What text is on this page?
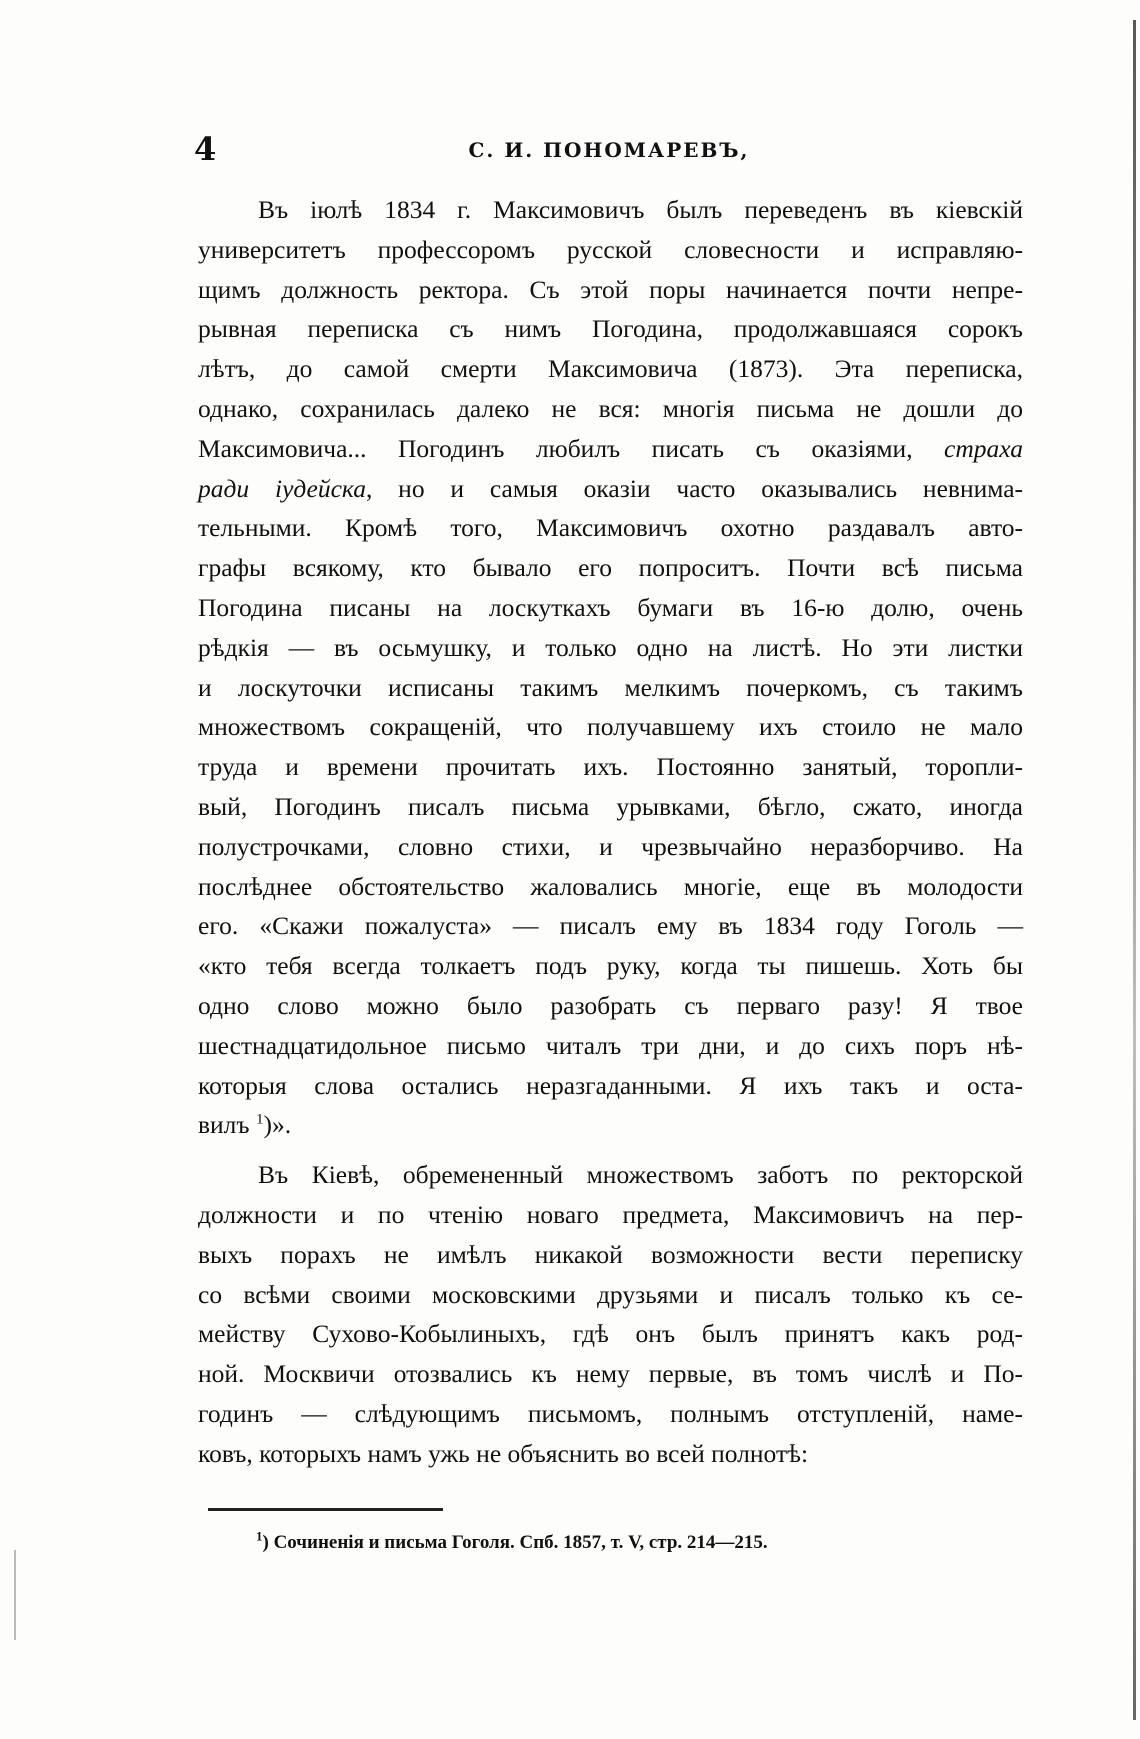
4	С. И. ПОНОМАРЕВЪ,
Въ іюлѣ 1834 г. Максимовичъ былъ переведенъ въ кіевскій
университетъ профессоромъ русской словесности и исправляю-
щимъ должность ректора. Съ этой поры начинается почти непре-
рывная переписка съ нимъ Погодина, продолжавшаяся сорокъ
лѣтъ, до самой смерти Максимовича (1873). Эта переписка,
однако, сохранилась далеко не вся: многія письма не дошли до
Максимовича... Погодинъ любилъ писать съ оказіями, страха
ради іудейска, но и самыя оказіи часто оказывались невнима-
тельными. Кромѣ того, Максимовичъ охотно раздавалъ авто-
графы всякому, кто бывало его попроситъ. Почти всѣ письма
Погодина писаны на лоскуткахъ бумаги въ 16-ю долю, очень
рѣдкія — въ осьмушку, и только одно на листѣ. Но эти листки
и лоскуточки исписаны такимъ мелкимъ почеркомъ, съ такимъ
множествомъ сокращеній, что получавшему ихъ стоило не мало
труда и времени прочитать ихъ. Постоянно занятый, торопли-
вый, Погодинъ писалъ письма урывками, бѣгло, сжато, иногда
полустрочками, словно стихи, и чрезвычайно неразборчиво. На
послѣднее обстоятельство жаловались многіе, еще въ молодости
его. «Скажи пожалуста» — писалъ ему въ 1834 году Гоголь —
«кто тебя всегда толкаетъ подъ руку, когда ты пишешь. Хоть бы
одно слово можно было разобрать съ перваго разу! Я твое
шестнадцатидольное письмо читалъ три дни, и до сихъ поръ нѣ-
которыя слова остались неразгаданными. Я ихъ такъ и оста-
вилъ $^1$)».
Въ Кіевѣ, обремененный множествомъ заботъ по ректорской
должности и по чтенію новаго предмета, Максимовичъ на пер-
выхъ порахъ не имѣлъ никакой возможности вести переписку
со всѣми своими московскими друзьями и писалъ только къ се-
мейству Сухово-Кобылиныхъ, гдѣ онъ былъ принятъ какъ род-
ной. Москвичи отозвались къ нему первые, въ томъ числѣ и По-
годинъ — слѣдующимъ письмомъ, полнымъ отступленій, наме-
ковъ, которыхъ намъ ужь не объяснить во всей полнотѣ:
$^1$) Сочиненія и письма Гоголя. Спб. 1857, т. V, стр. 214—215.
